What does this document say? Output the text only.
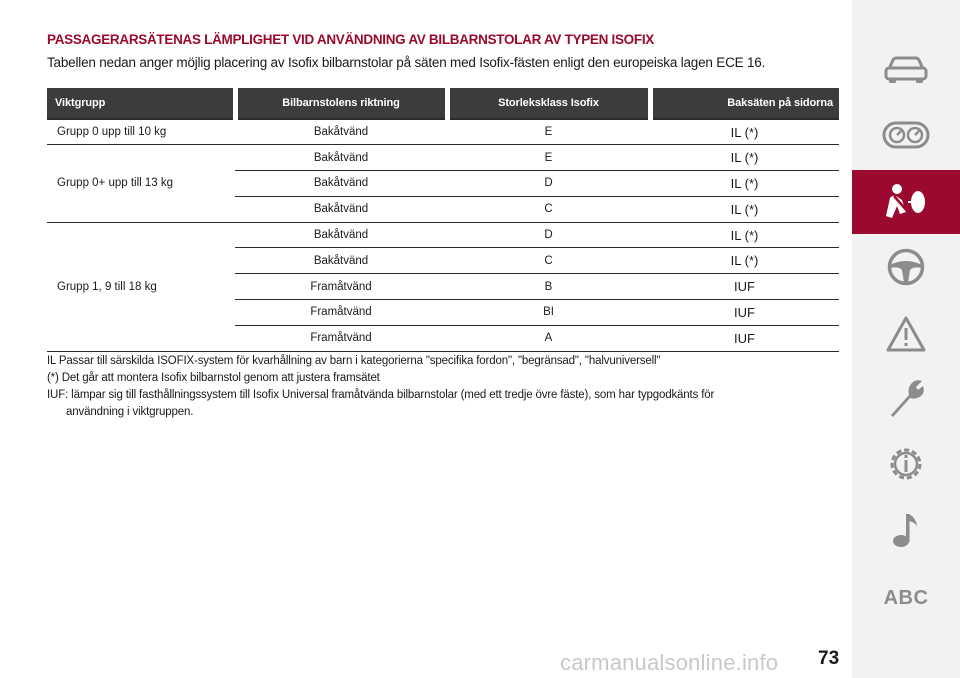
PASSAGERARSÄTENAS LÄMPLIGHET VID ANVÄNDNING AV BILBARNSTOLAR AV TYPEN ISOFIX
Tabellen nedan anger möjlig placering av Isofix bilbarnstolar på säten med Isofix-fästen enligt den europeiska lagen ECE 16.
Viktgrupp	Bilbarnstolens riktning	Storleksklass Isofix	Baksäten på sidorna
Grupp 0 upp till 10 kg	Bakåtvänd	E	IL (*)
Grupp 0+ upp till 13 kg	Bakåtvänd	E	IL (*)
	Bakåtvänd	D	IL (*)
	Bakåtvänd	C	IL (*)
Grupp 1, 9 till 18 kg	Bakåtvänd	D	IL (*)
	Bakåtvänd	C	IL (*)
	Framåtvänd	B	IUF
	Framåtvänd	BI	IUF
	Framåtvänd	A	IUF
IL Passar till särskilda ISOFIX-system för kvarhållning av barn i kategorierna "specifika fordon", "begränsad", "halvuniversell"
(*) Det går att montera Isofix bilbarnstol genom att justera framsätet
IUF: lämpar sig till fasthållningssystem till Isofix Universal framåtvända bilbarnstolar (med ett tredje övre fäste), som har typgodkänts för
användning i viktgruppen.
73
carmanualsonline.info
ABC
